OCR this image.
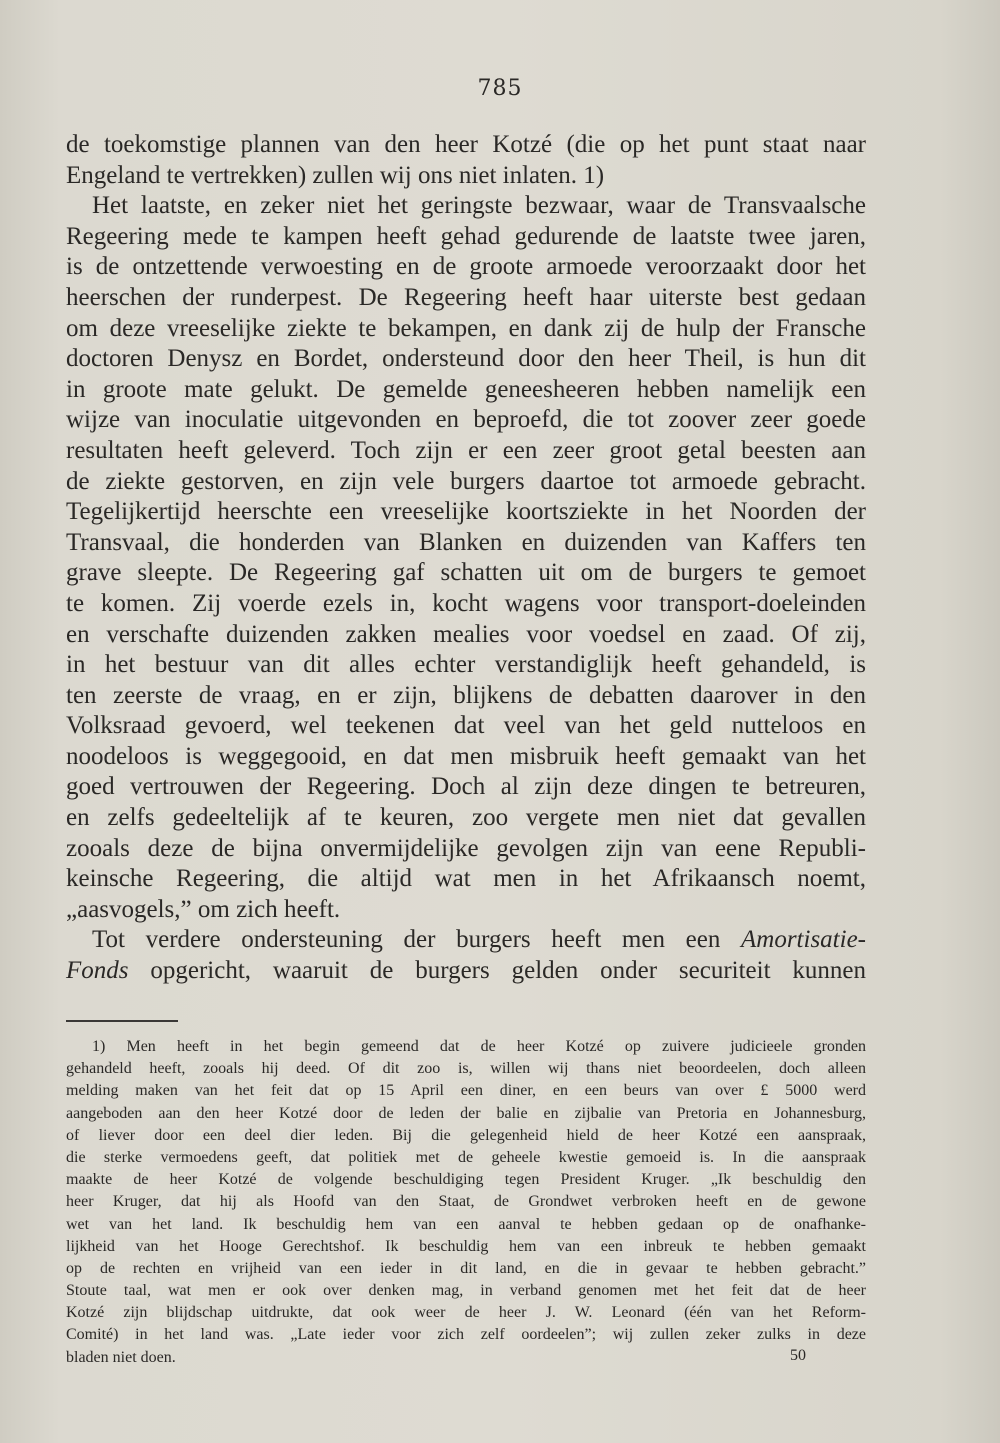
785
de toekomstige plannen van den heer Kotzé (die op het punt staat naar
Engeland te vertrekken) zullen wij ons niet inlaten. 1)
Het laatste, en zeker niet het geringste bezwaar, waar de Transvaalsche
Regeering mede te kampen heeft gehad gedurende de laatste twee jaren,
is de ontzettende verwoesting en de groote armoede veroorzaakt door het
heerschen der runderpest. De Regeering heeft haar uiterste best gedaan
om deze vreeselijke ziekte te bekampen, en dank zij de hulp der Fransche
doctoren Denysz en Bordet, ondersteund door den heer Theil, is hun dit
in groote mate gelukt. De gemelde geneesheeren hebben namelijk een
wijze van inoculatie uitgevonden en beproefd, die tot zoover zeer goede
resultaten heeft geleverd. Toch zijn er een zeer groot getal beesten aan
de ziekte gestorven, en zijn vele burgers daartoe tot armoede gebracht.
Tegelijkertijd heerschte een vreeselijke koortsziekte in het Noorden der
Transvaal, die honderden van Blanken en duizenden van Kaffers ten
grave sleepte. De Regeering gaf schatten uit om de burgers te gemoet
te komen. Zij voerde ezels in, kocht wagens voor transport-doeleinden
en verschafte duizenden zakken mealies voor voedsel en zaad. Of zij,
in het bestuur van dit alles echter verstandiglijk heeft gehandeld, is
ten zeerste de vraag, en er zijn, blijkens de debatten daarover in den
Volksraad gevoerd, wel teekenen dat veel van het geld nutteloos en
noodeloos is weggegooid, en dat men misbruik heeft gemaakt van het
goed vertrouwen der Regeering. Doch al zijn deze dingen te betreuren,
en zelfs gedeeltelijk af te keuren, zoo vergete men niet dat gevallen
zooals deze de bijna onvermijdelijke gevolgen zijn van eene Republi-
keinsche Regeering, die altijd wat men in het Afrikaansch noemt,
„aasvogels,” om zich heeft.
Tot verdere ondersteuning der burgers heeft men een Amortisatie-
Fonds opgericht, waaruit de burgers gelden onder securiteit kunnen
1) Men heeft in het begin gemeend dat de heer Kotzé op zuivere judicieele gronden
gehandeld heeft, zooals hij deed. Of dit zoo is, willen wij thans niet beoordeelen, doch alleen
melding maken van het feit dat op 15 April een diner, en een beurs van over £ 5000 werd
aangeboden aan den heer Kotzé door de leden der balie en zijbalie van Pretoria en Johannesburg,
of liever door een deel dier leden. Bij die gelegenheid hield de heer Kotzé een aanspraak,
die sterke vermoedens geeft, dat politiek met de geheele kwestie gemoeid is. In die aanspraak
maakte de heer Kotzé de volgende beschuldiging tegen President Kruger. „Ik beschuldig den
heer Kruger, dat hij als Hoofd van den Staat, de Grondwet verbroken heeft en de gewone
wet van het land. Ik beschuldig hem van een aanval te hebben gedaan op de onafhanke-
lijkheid van het Hooge Gerechtshof. Ik beschuldig hem van een inbreuk te hebben gemaakt
op de rechten en vrijheid van een ieder in dit land, en die in gevaar te hebben gebracht.”
Stoute taal, wat men er ook over denken mag, in verband genomen met het feit dat de heer
Kotzé zijn blijdschap uitdrukte, dat ook weer de heer J. W. Leonard (één van het Reform-
Comité) in het land was. „Late ieder voor zich zelf oordeelen”; wij zullen zeker zulks in deze
bladen niet doen.	50
